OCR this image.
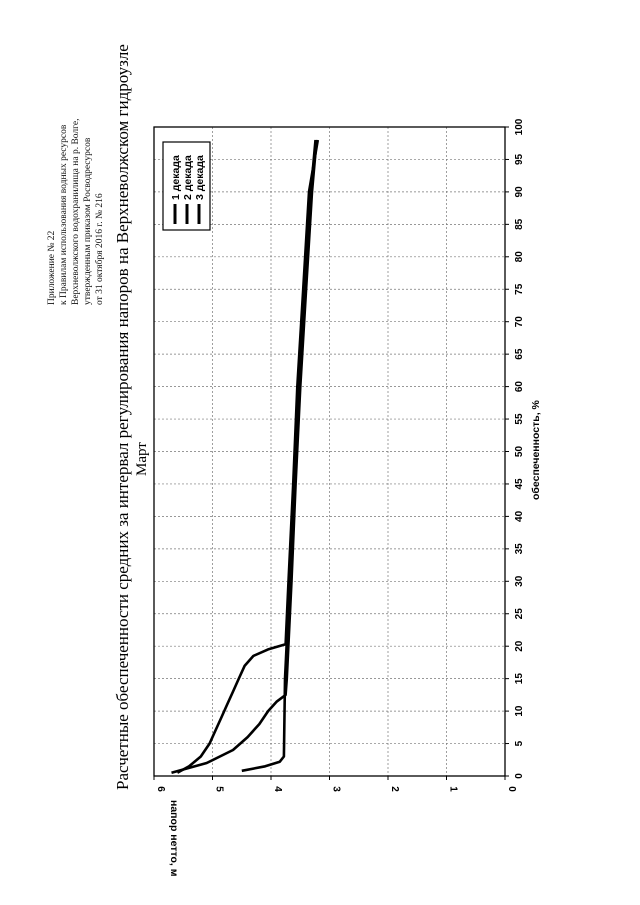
Приложение № 22 к Правилам использования водных ресурсов Верхневолжского водохранилища на р. Волге, утвержденным приказом Росводресурсов от 31 октября 2016 г. № 216 Расчетные обеспеченности средних за интервал регулирования напоров на Верхневолжском гидроузле Март
напор нетто, м
обеспеченность, %
0
1
2
3
4
5
6
0
5
10
15
20
25
30
35
40
45
50
55
60
65
70
75
80
85
90
95
100
1 декада 2 декада 3 декада
